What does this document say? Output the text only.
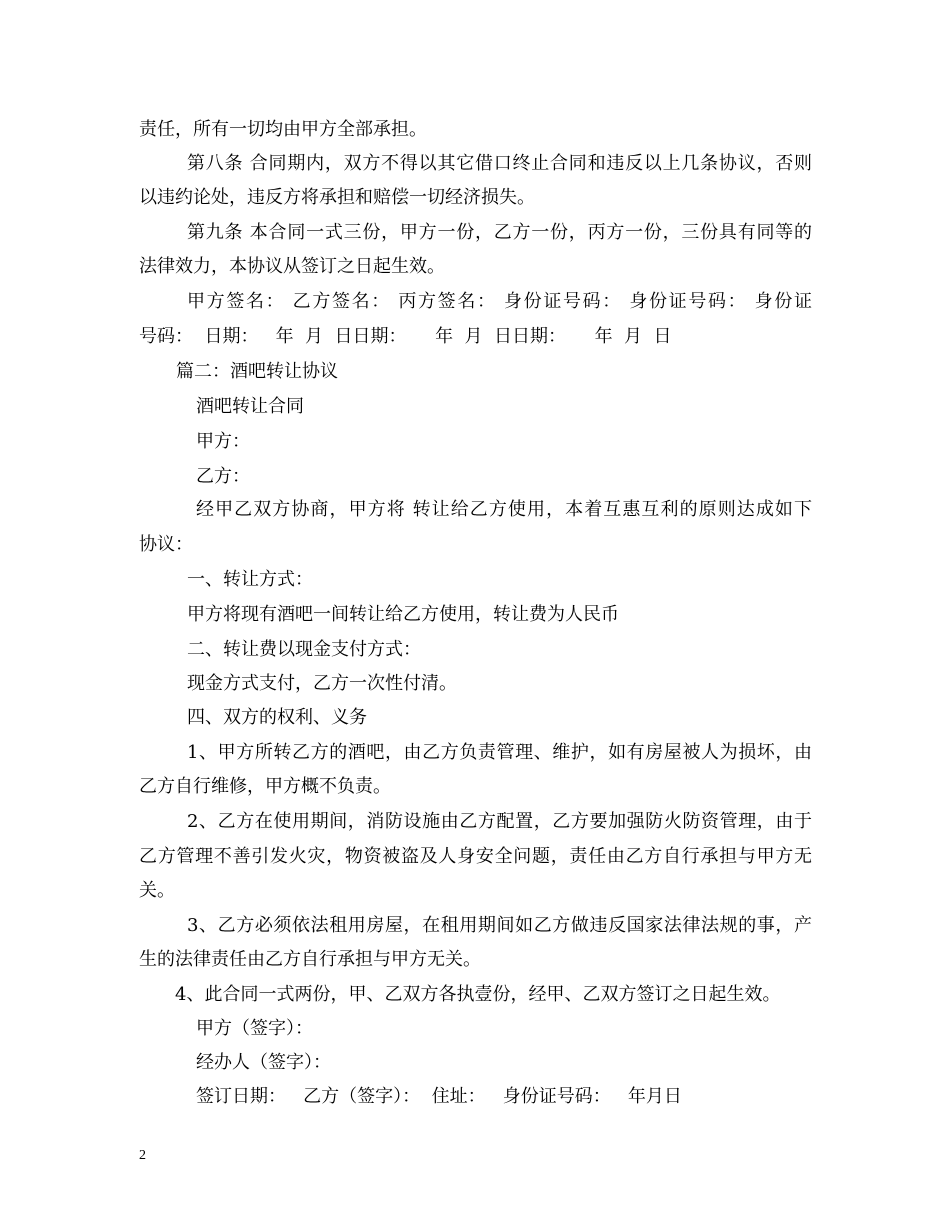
责任，所有一切均由甲方全部承担。
第八条 合同期内，双方不得以其它借口终止合同和违反以上几条协议，否则
以违约论处，违反方将承担和赔偿一切经济损失。
第九条 本合同一式三份，甲方一份，乙方一份，丙方一份，三份具有同等的
法律效力，本协议从签订之日起生效。
甲方签名： 乙方签名： 丙方签名： 身份证号码： 身份证号码： 身份证
号码：  日期：   年  月  日日期：     年  月  日日期：     年  月  日
篇二：酒吧转让协议
酒吧转让合同
甲方：
乙方：
经甲乙双方协商，甲方将 转让给乙方使用，本着互惠互利的原则达成如下
协议：
一、转让方式：
甲方将现有酒吧一间转让给乙方使用，转让费为人民币
二、转让费以现金支付方式：
现金方式支付，乙方一次性付清。
四、双方的权利、义务
1、甲方所转乙方的酒吧，由乙方负责管理、维护，如有房屋被人为损坏，由
乙方自行维修，甲方概不负责。
2、乙方在使用期间，消防设施由乙方配置，乙方要加强防火防资管理，由于
乙方管理不善引发火灾，物资被盗及人身安全问题，责任由乙方自行承担与甲方无
关。
3、乙方必须依法租用房屋，在租用期间如乙方做违反国家法律法规的事，产
生的法律责任由乙方自行承担与甲方无关。
4、此合同一式两份，甲、乙双方各执壹份，经甲、乙双方签订之日起生效。
甲方（签字）：
经办人（签字）：
签订日期：   乙方（签字）：  住址：   身份证号码：   年月日
2
